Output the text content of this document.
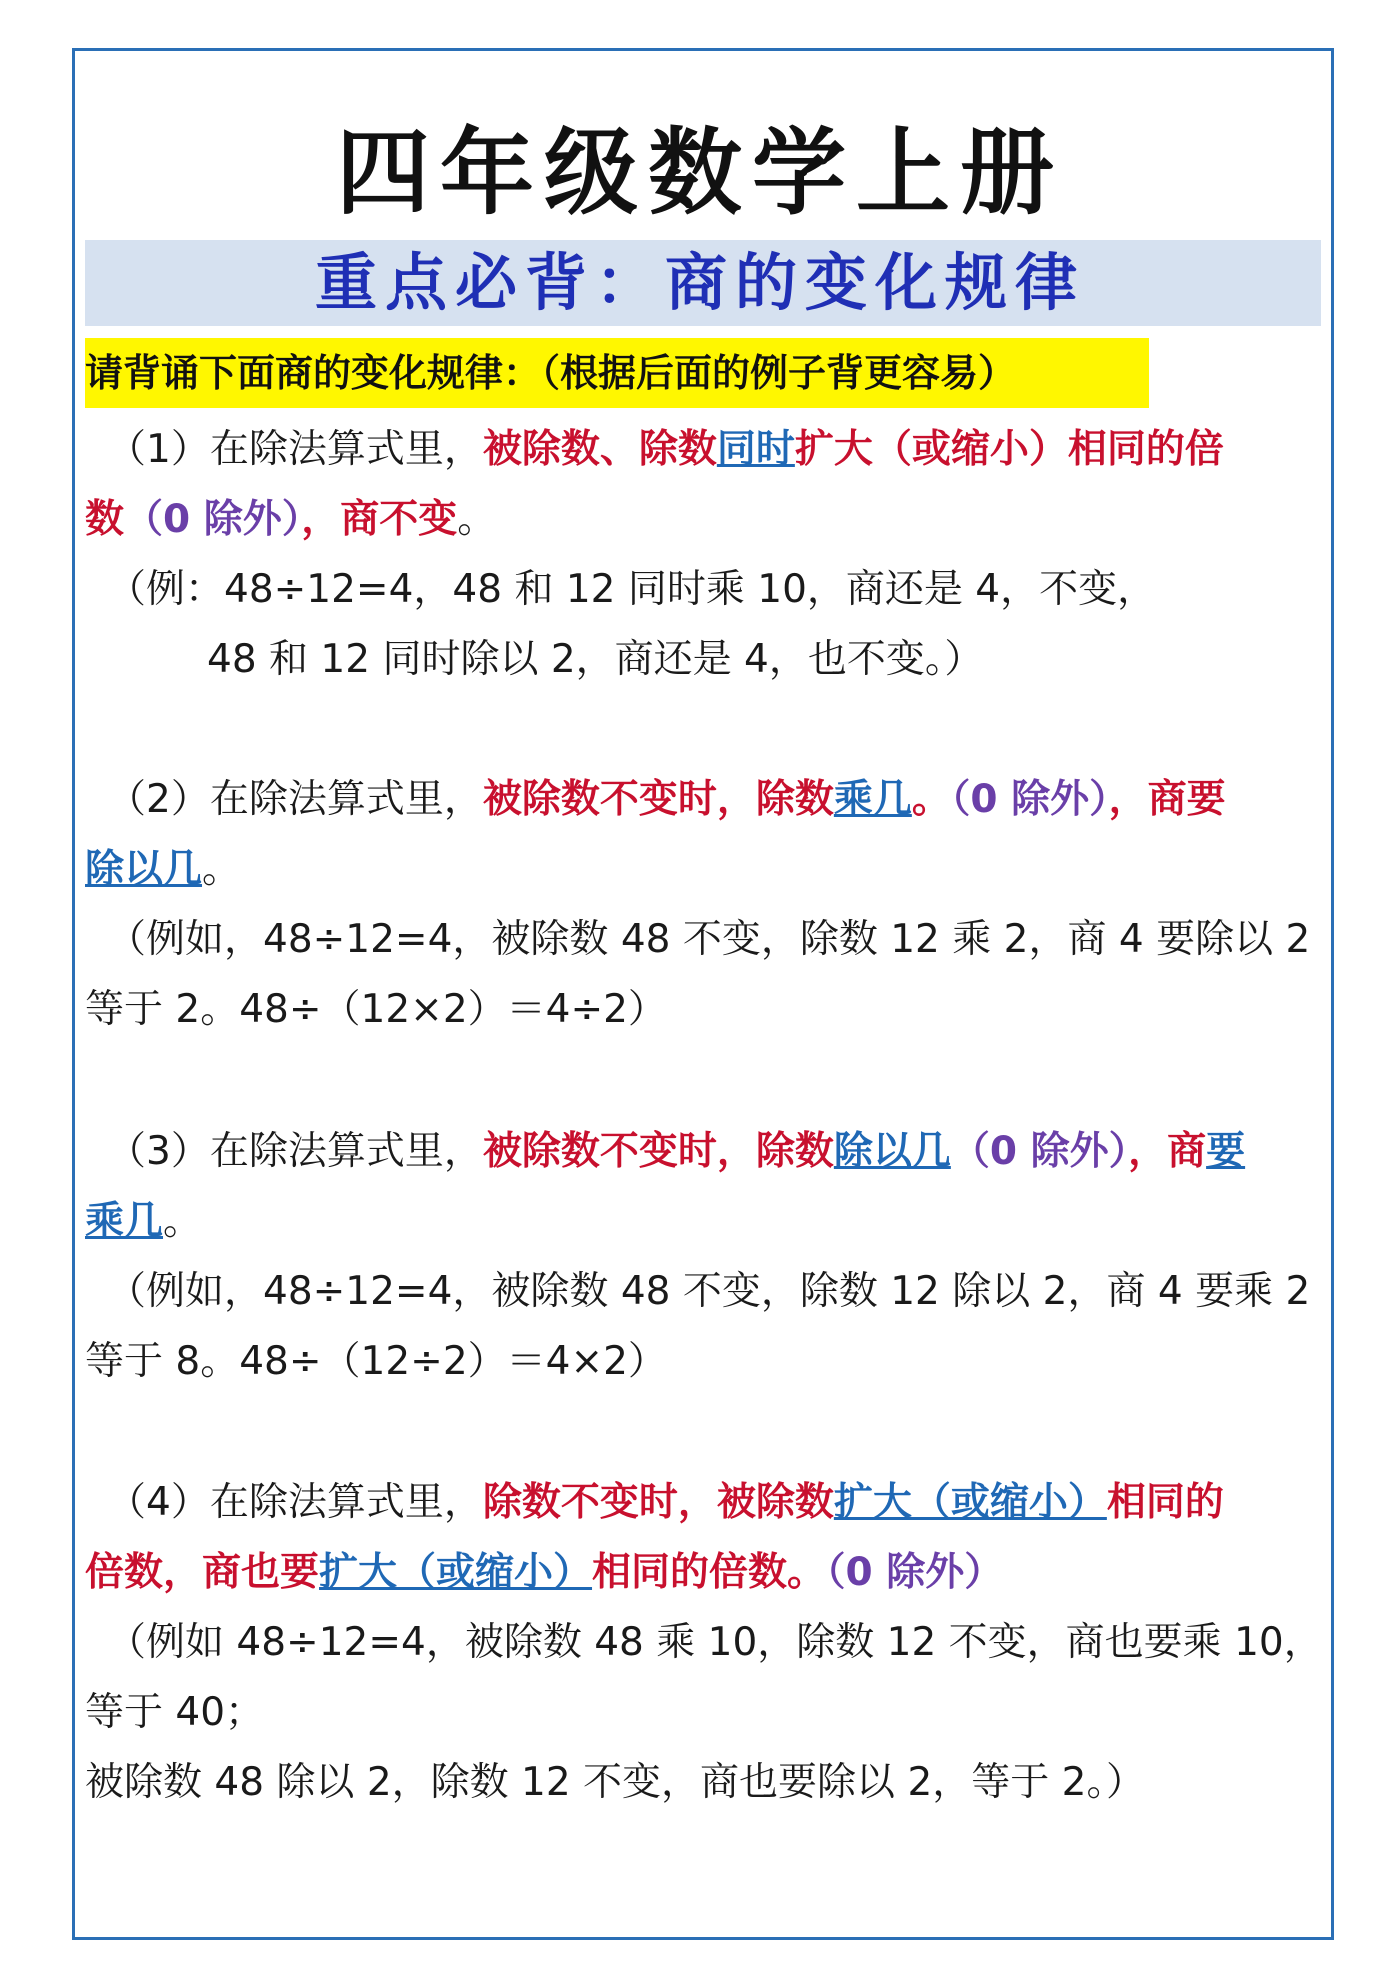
四年级数学上册
重点必背：商的变化规律
请背诵下面商的变化规律：（根据后面的例子背更容易）
（1）在除法算式里，被除数、除数同时扩大（或缩小）相同的倍
数（0 除外），商不变。
（例：48÷12=4，48 和 12 同时乘 10，商还是 4，不变，
48 和 12 同时除以 2，商还是 4，也不变。）
（2）在除法算式里，被除数不变时，除数乘几。（0 除外），商要
除以几。
（例如，48÷12=4，被除数 48 不变，除数 12 乘 2，商 4 要除以 2
等于 2。48÷（12×2）＝4÷2）
（3）在除法算式里，被除数不变时，除数除以几（0 除外），商要
乘几。
（例如，48÷12=4，被除数 48 不变，除数 12 除以 2，商 4 要乘 2
等于 8。48÷（12÷2）＝4×2）
（4）在除法算式里，除数不变时，被除数扩大（或缩小）相同的
倍数，商也要扩大（或缩小）相同的倍数。（0 除外）
（例如 48÷12=4，被除数 48 乘 10，除数 12 不变，商也要乘 10，
等于 40；
被除数 48 除以 2，除数 12 不变，商也要除以 2，等于 2。）
